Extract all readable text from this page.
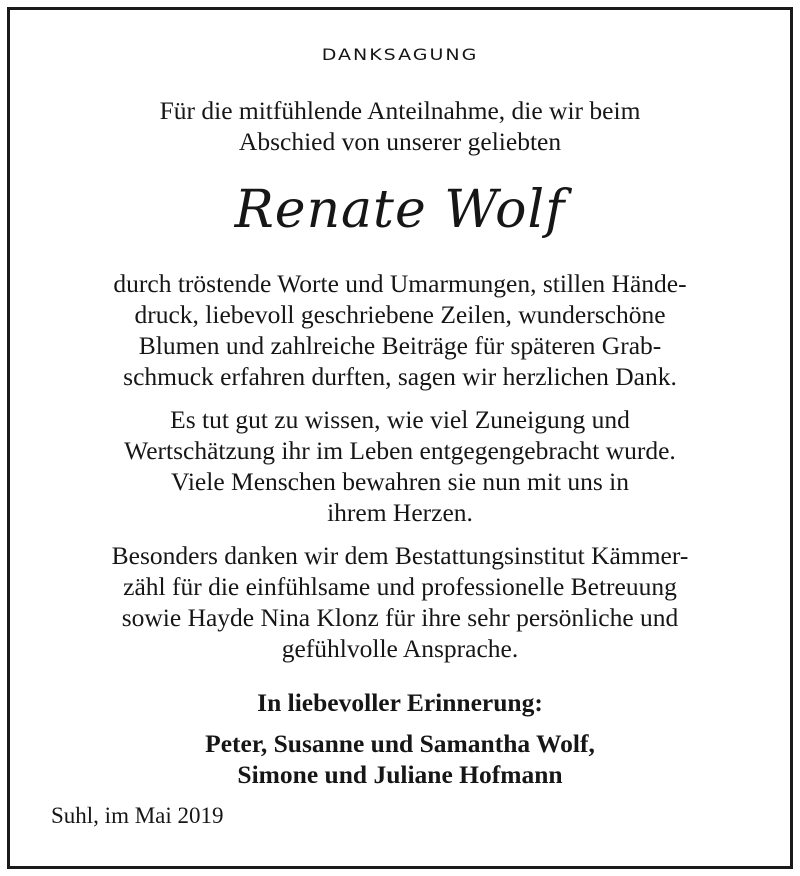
DANKSAGUNG
Für die mitfühlende Anteilnahme, die wir beim
Abschied von unserer geliebten
Renate Wolf
durch tröstende Worte und Umarmungen, stillen Hände-
druck, liebevoll geschriebene Zeilen, wunderschöne
Blumen und zahlreiche Beiträge für späteren Grab-
schmuck erfahren durften, sagen wir herzlichen Dank.
Es tut gut zu wissen, wie viel Zuneigung und
Wertschätzung ihr im Leben entgegengebracht wurde.
Viele Menschen bewahren sie nun mit uns in
ihrem Herzen.
Besonders danken wir dem Bestattungsinstitut Kämmer-
zähl für die einfühlsame und professionelle Betreuung
sowie Hayde Nina Klonz für ihre sehr persönliche und
gefühlvolle Ansprache.
In liebevoller Erinnerung:
Peter, Susanne und Samantha Wolf,
Simone und Juliane Hofmann
Suhl, im Mai 2019
